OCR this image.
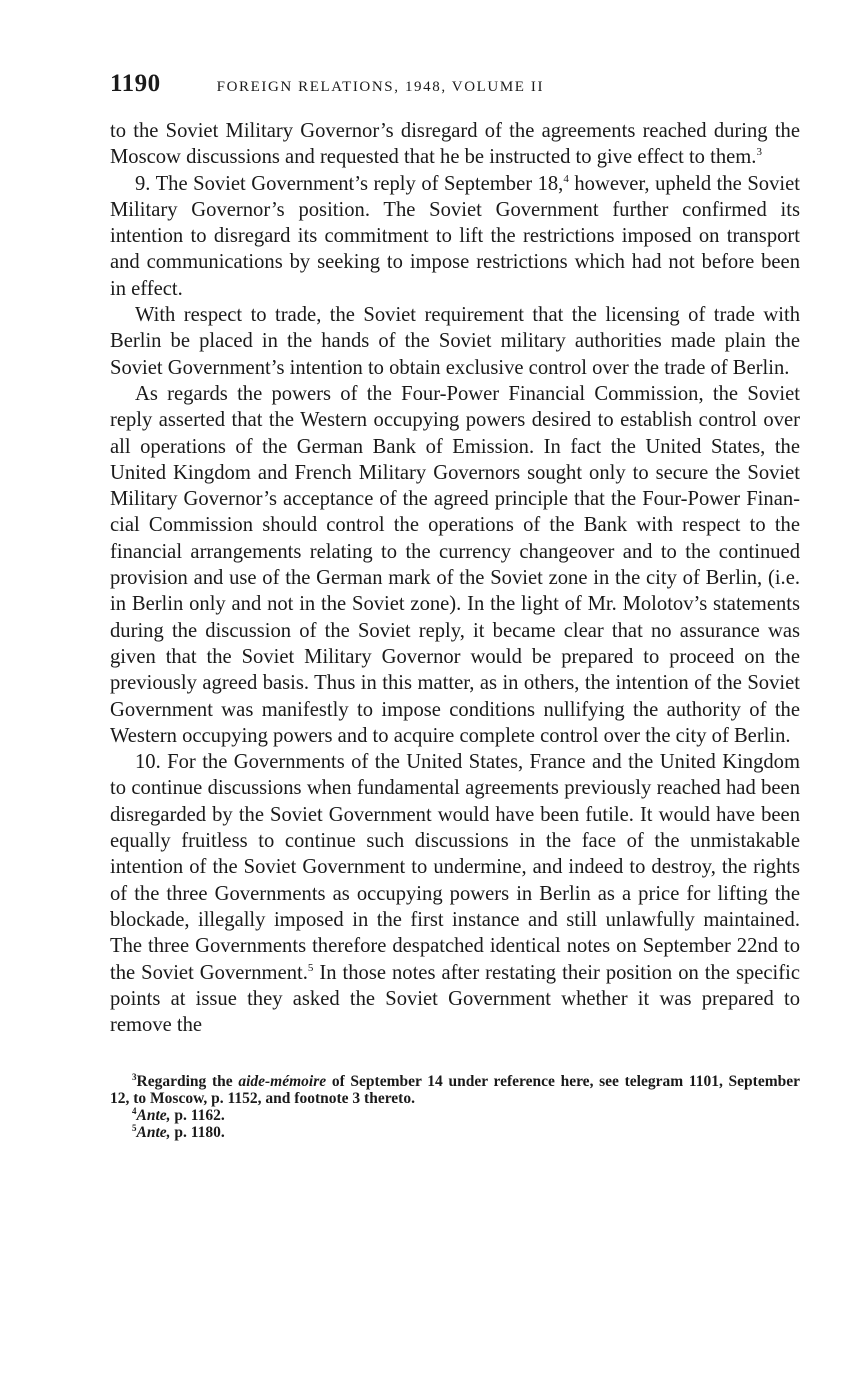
1190	FOREIGN RELATIONS, 1948, VOLUME II

to the Soviet Military Governor’s disregard of the agreements reached during the Moscow discussions and requested that he be instructed to give effect to them.$^3$

9. The Soviet Government’s reply of September 18,$^4$ however, upheld the Soviet Military Governor’s position. The Soviet Government further confirmed its intention to disregard its commitment to lift the restrictions imposed on transport and communications by seeking to impose restrictions which had not before been in effect.

With respect to trade, the Soviet requirement that the licensing of trade with Berlin be placed in the hands of the Soviet military authorities made plain the Soviet Government’s intention to obtain exclusive control over the trade of Berlin.

As regards the powers of the Four-Power Financial Commission, the Soviet reply asserted that the Western occupying powers desired to establish control over all operations of the German Bank of Emission. In fact the United States, the United Kingdom and French Military Governors sought only to secure the Soviet Military Governor’s acceptance of the agreed principle that the Four-Power Financial Commission should control the operations of the Bank with respect to the financial arrangements relating to the currency changeover and to the continued provision and use of the German mark of the Soviet zone in the city of Berlin, (i.e. in Berlin only and not in the Soviet zone). In the light of Mr. Molotov’s statements during the discussion of the Soviet reply, it became clear that no assurance was given that the Soviet Military Governor would be prepared to proceed on the previously agreed basis. Thus in this matter, as in others, the intention of the Soviet Government was manifestly to impose conditions nullifying the authority of the Western occupying powers and to acquire complete control over the city of Berlin.

10. For the Governments of the United States, France and the United Kingdom to continue discussions when fundamental agreements previously reached had been disregarded by the Soviet Government would have been futile. It would have been equally fruitless to continue such discussions in the face of the unmistakable intention of the Soviet Government to undermine, and indeed to destroy, the rights of the three Governments as occupying powers in Berlin as a price for lifting the blockade, illegally imposed in the first instance and still unlawfully maintained. The three Governments therefore despatched identical notes on September 22nd to the Soviet Government.$^5$ In those notes after restating their position on the specific points at issue they asked the Soviet Government whether it was prepared to remove the

$^3$Regarding the aide-mémoire of September 14 under reference here, see telegram 1101, September 12, to Moscow, p. 1152, and footnote 3 thereto.
$^4$Ante, p. 1162.
$^5$Ante, p. 1180.
